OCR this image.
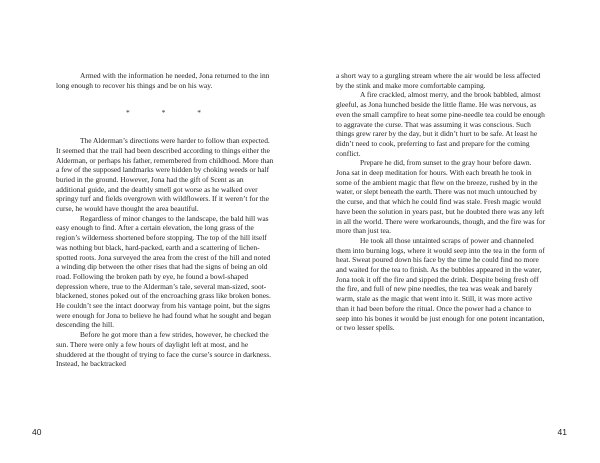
Armed with the information he needed, Jona returned to the inn long enough to recover his things and be on his way.

* * *

The Alderman’s directions were harder to follow than expected. It seemed that the trail had been described according to things either the Alderman, or perhaps his father, remembered from childhood. More than a few of the supposed landmarks were hidden by choking weeds or half buried in the ground. However, Jona had the gift of Scent as an additional guide, and the deathly smell got worse as he walked over springy turf and fields overgrown with wildflowers. If it weren’t for the curse, he would have thought the area beautiful.

Regardless of minor changes to the landscape, the bald hill was easy enough to find. After a certain elevation, the long grass of the region’s wilderness shortened before stopping. The top of the hill itself was nothing but black, hard-packed, earth and a scattering of lichen-spotted roots. Jona surveyed the area from the crest of the hill and noted a winding dip between the other rises that had the signs of being an old road. Following the broken path by eye, he found a bowl-shaped depression where, true to the Alderman’s tale, several man-sized, soot-blackened, stones poked out of the encroaching grass like broken bones. He couldn’t see the intact doorway from his vantage point, but the signs were enough for Jona to believe he had found what he sought and began descending the hill.

Before he got more than a few strides, however, he checked the sun. There were only a few hours of daylight left at most, and he shuddered at the thought of trying to face the curse’s source in darkness. Instead, he backtracked

40

a short way to a gurgling stream where the air would be less affected by the stink and make more comfortable camping.

A fire crackled, almost merry, and the brook babbled, almost gleeful, as Jona hunched beside the little flame. He was nervous, as even the small campfire to heat some pine-needle tea could be enough to aggravate the curse. That was assuming it was conscious. Such things grew rarer by the day, but it didn’t hurt to be safe. At least he didn’t need to cook, preferring to fast and prepare for the coming conflict.

Prepare he did, from sunset to the gray hour before dawn. Jona sat in deep meditation for hours. With each breath he took in some of the ambient magic that flew on the breeze, rushed by in the water, or slept beneath the earth. There was not much untouched by the curse, and that which he could find was stale. Fresh magic would have been the solution in years past, but he doubted there was any left in all the world. There were workarounds, though, and the fire was for more than just tea.

He took all those untainted scraps of power and channeled them into burning logs, where it would seep into the tea in the form of heat. Sweat poured down his face by the time he could find no more and waited for the tea to finish. As the bubbles appeared in the water, Jona took it off the fire and sipped the drink. Despite being fresh off the fire, and full of new pine needles, the tea was weak and barely warm, stale as the magic that went into it. Still, it was more active than it had been before the ritual. Once the power had a chance to seep into his bones it would be just enough for one potent incantation, or two lesser spells.

41
